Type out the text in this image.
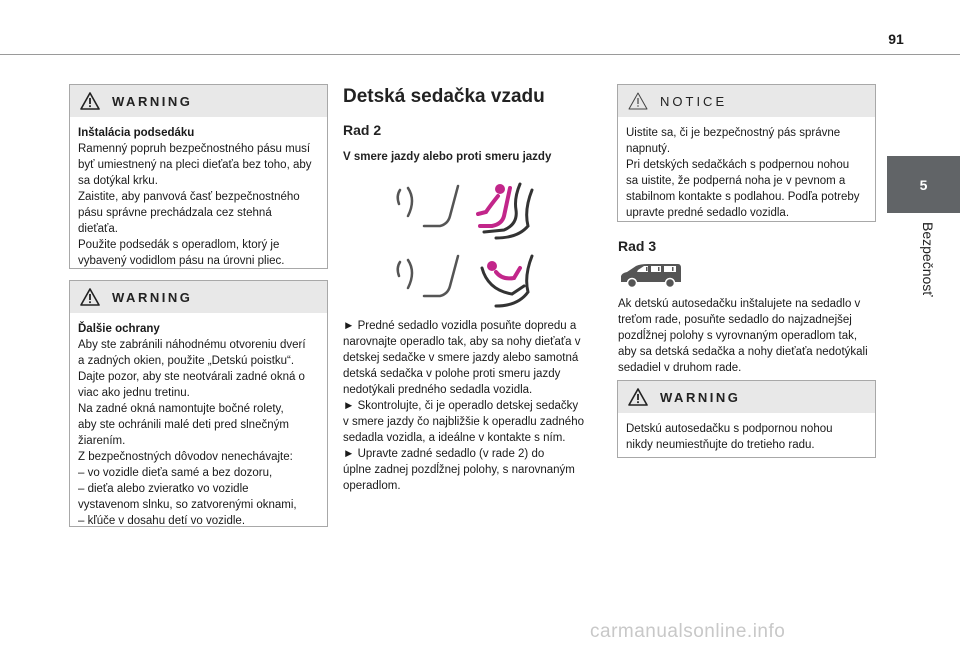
91
5
Bezpečnosť
WARNING

Inštalácia podsedáku

Ramenný popruh bezpečnostného pásu musí

byť umiestnený na pleci dieťaťa bez toho, aby

sa dotýkal krku.

Zaistite, aby panvová časť bezpečnostného

pásu správne prechádzala cez stehná

dieťaťa.

Použite podsedák s operadlom, ktorý je

vybavený vodidlom pásu na úrovni pliec.

WARNING

Ďalšie ochrany

Aby ste zabránili náhodnému otvoreniu dverí

a zadných okien, použite „Detskú poistku“.

Dajte pozor, aby ste neotvárali zadné okná o

viac ako jednu tretinu.

Na zadné okná namontujte bočné rolety,

aby ste ochránili malé deti pred slnečným

žiarením.

Z bezpečnostných dôvodov nenechávajte:

– vo vozidle dieťa samé a bez dozoru,

– dieťa alebo zvieratko vo vozidle

vystavenom slnku, so zatvorenými oknami,

– kľúče v dosahu detí vo vozidle.

Detská sedačka vzadu
Rad 2
V smere jazdy alebo proti smeru jazdy

► Predné sedadlo vozidla posuňte dopredu a

narovnajte operadlo tak, aby sa nohy dieťaťa v

detskej sedačke v smere jazdy alebo samotná

detská sedačka v polohe proti smeru jazdy

nedotýkali predného sedadla vozidla.

► Skontrolujte, či je operadlo detskej sedačky

v smere jazdy čo najbližšie k operadlu zadného

sedadla vozidla, a ideálne v kontakte s ním.

► Upravte zadné sedadlo (v rade 2) do

úplne zadnej pozdĺžnej polohy, s narovnaným

operadlom.

NOTICE

Uistite sa, či je bezpečnostný pás správne

napnutý.

Pri detských sedačkách s podpernou nohou

sa uistite, že podperná noha je v pevnom a

stabilnom kontakte s podlahou. Podľa potreby

upravte predné sedadlo vozidla.

Rad 3

Ak detskú autosedačku inštalujete na sedadlo v

treťom rade, posuňte sedadlo do najzadnejšej

pozdĺžnej polohy s vyrovnaným operadlom tak,

aby sa detská sedačka a nohy dieťaťa nedotýkali

sedadiel v druhom rade.

WARNING

Detskú autosedačku s podpornou nohou

nikdy neumiestňujte do tretieho radu.

carmanualsonline.info
